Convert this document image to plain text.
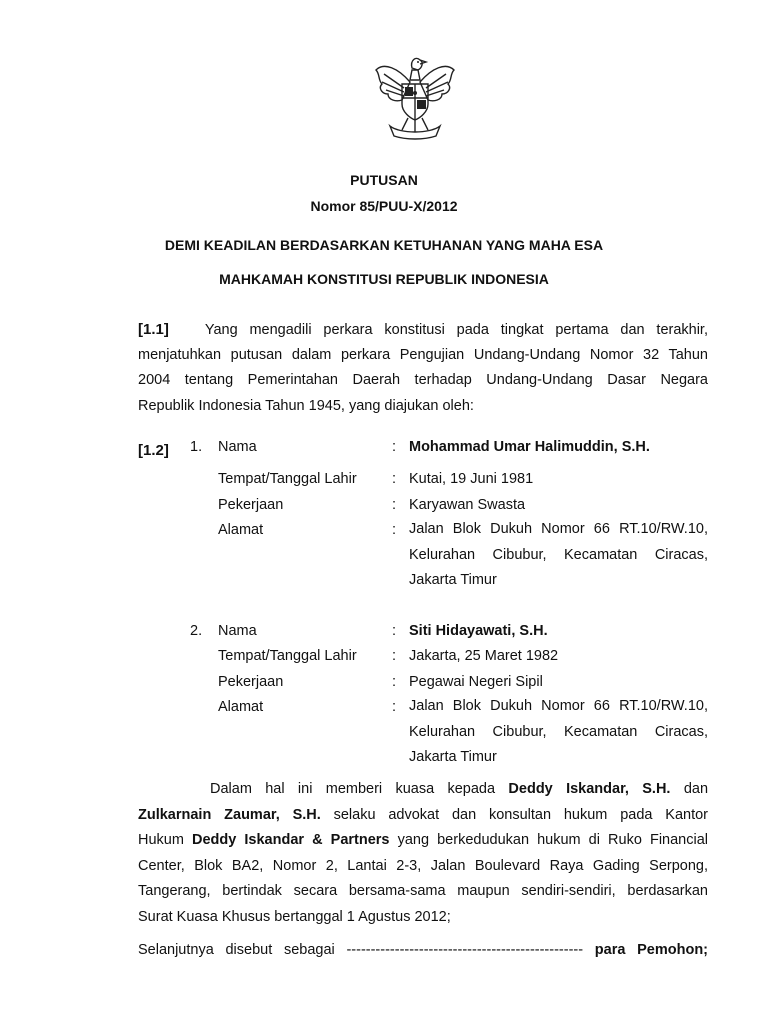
PUTUSAN
Nomor 85/PUU-X/2012
DEMI KEADILAN BERDASARKAN KETUHANAN YANG MAHA ESA
MAHKAMAH KONSTITUSI REPUBLIK INDONESIA
[1.1] Yang mengadili perkara konstitusi pada tingkat pertama dan terakhir,
menjatuhkan putusan dalam perkara Pengujian Undang-Undang Nomor 32 Tahun
2004 tentang Pemerintahan Daerah terhadap Undang-Undang Dasar Negara
Republik Indonesia Tahun 1945, yang diajukan oleh:
[1.2] 1. Nama	: Mohammad Umar Halimuddin, S.H.
Tempat/Tanggal Lahir : Kutai, 19 Juni 1981
Pekerjaan	: Karyawan Swasta
Alamat	: Jalan Blok Dukuh Nomor 66 RT.10/RW.10,
Kelurahan Cibubur, Kecamatan Ciracas,
Jakarta Timur
2. Nama	: Siti Hidayawati, S.H.
Tempat/Tanggal Lahir : Jakarta, 25 Maret 1982
Pekerjaan	: Pegawai Negeri Sipil
Alamat	: Jalan Blok Dukuh Nomor 66 RT.10/RW.10,
Kelurahan Cibubur, Kecamatan Ciracas,
Jakarta Timur
Dalam hal ini memberi kuasa kepada Deddy Iskandar, S.H. dan
Zulkarnain Zaumar, S.H. selaku advokat dan konsultan hukum pada Kantor
Hukum Deddy Iskandar & Partners yang berkedudukan hukum di Ruko Financial
Center, Blok BA2, Nomor 2, Lantai 2-3, Jalan Boulevard Raya Gading Serpong,
Tangerang, bertindak secara bersama-sama maupun sendiri-sendiri, berdasarkan
Surat Kuasa Khusus bertanggal 1 Agustus 2012;
Selanjutnya disebut sebagai ------------------------------------------------- para Pemohon;
